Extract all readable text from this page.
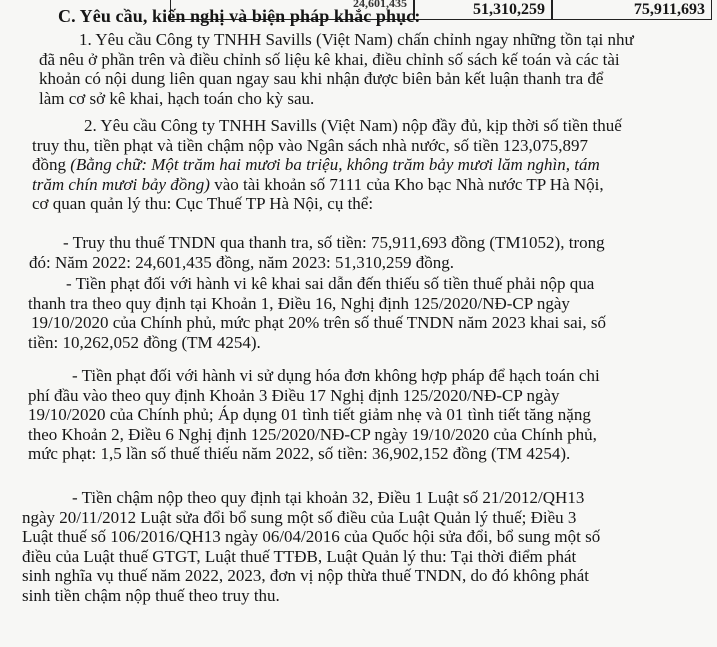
24,601,435	51,310,259	75,911,693
C. Yêu cầu, kiến nghị và biện pháp khắc phục:

1. Yêu cầu Công ty TNHH Savills (Việt Nam) chấn chỉnh ngay những tồn tại như
đã nêu ở phần trên và điều chỉnh số liệu kê khai, điều chỉnh số sách kế toán và các tài
khoản có nội dung liên quan ngay sau khi nhận được biên bản kết luận thanh tra để
làm cơ sở kê khai, hạch toán cho kỳ sau.

2. Yêu cầu Công ty TNHH Savills (Việt Nam) nộp đầy đủ, kịp thời số tiền thuế
truy thu, tiền phạt và tiền chậm nộp vào Ngân sách nhà nước, số tiền 123,075,897
đồng (Bằng chữ: Một trăm hai mươi ba triệu, không trăm bảy mươi lăm nghìn, tám
trăm chín mươi bảy đồng) vào tài khoản số 7111 của Kho bạc Nhà nước TP Hà Nội,
cơ quan quản lý thu: Cục Thuế TP Hà Nội, cụ thể:

- Truy thu thuế TNDN qua thanh tra, số tiền: 75,911,693 đồng (TM1052), trong
đó: Năm 2022: 24,601,435 đồng, năm 2023: 51,310,259 đồng.

- Tiền phạt đối với hành vi kê khai sai dẫn đến thiếu số tiền thuế phải nộp qua
thanh tra theo quy định tại Khoản 1, Điều 16, Nghị định 125/2020/NĐ-CP ngày
19/10/2020 của Chính phủ, mức phạt 20% trên số thuế TNDN năm 2023 khai sai, số
tiền: 10,262,052 đồng (TM 4254).

- Tiền phạt đối với hành vi sử dụng hóa đơn không hợp pháp để hạch toán chi
phí đầu vào theo quy định Khoản 3 Điều 17 Nghị định 125/2020/NĐ-CP ngày
19/10/2020 của Chính phủ; Áp dụng 01 tình tiết giảm nhẹ và 01 tình tiết tăng nặng
theo Khoản 2, Điều 6 Nghị định 125/2020/NĐ-CP ngày 19/10/2020 của Chính phủ,
mức phạt: 1,5 lần số thuế thiếu năm 2022, số tiền: 36,902,152 đồng (TM 4254).

- Tiền chậm nộp theo quy định tại khoản 32, Điều 1 Luật số 21/2012/QH13
ngày 20/11/2012 Luật sửa đổi bổ sung một số điều của Luật Quản lý thuế; Điều 3
Luật thuế số 106/2016/QH13 ngày 06/04/2016 của Quốc hội sửa đổi, bổ sung một số
điều của Luật thuế GTGT, Luật thuế TTĐB, Luật Quản lý thu: Tại thời điểm phát
sinh nghĩa vụ thuế năm 2022, 2023, đơn vị nộp thừa thuế TNDN, do đó không phát
sinh tiền chậm nộp thuế theo truy thu.
